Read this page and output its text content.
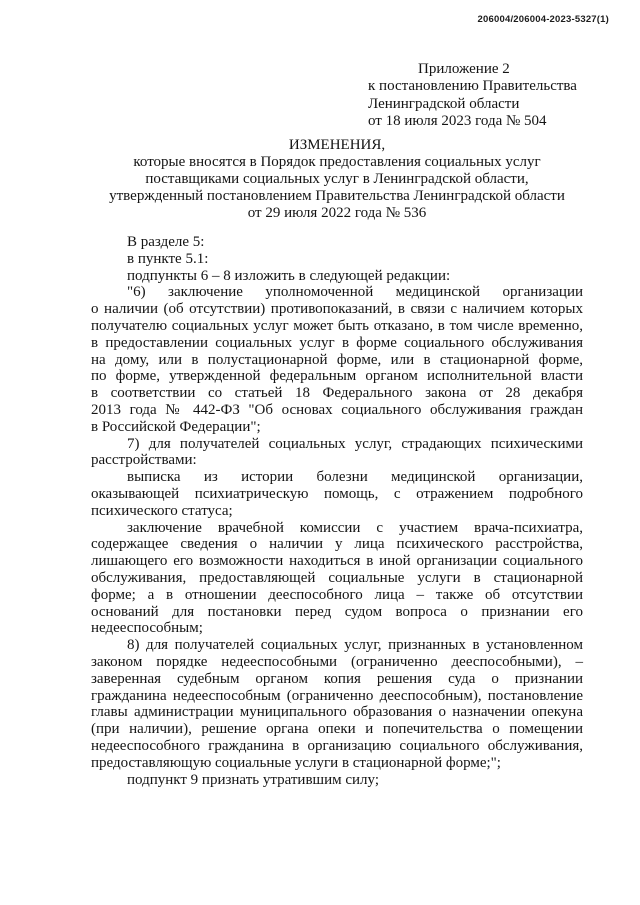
206004/206004-2023-5327(1)
Приложение 2
к постановлению Правительства
Ленинградской области
от 18 июля 2023 года № 504
ИЗМЕНЕНИЯ,
которые вносятся в Порядок предоставления социальных услуг
поставщиками социальных услуг в Ленинградской области,
утвержденный постановлением Правительства Ленинградской области
от 29 июля 2022 года № 536
В разделе 5:
в пункте 5.1:
подпункты 6 – 8 изложить в следующей редакции:
"6) заключение уполномоченной медицинской организации
о наличии (об отсутствии) противопоказаний, в связи с наличием которых
получателю социальных услуг может быть отказано, в том числе временно,
в предоставлении социальных услуг в форме социального обслуживания
на дому, или в полустационарной форме, или в стационарной форме,
по форме, утвержденной федеральным органом исполнительной власти
в соответствии со статьей 18 Федерального закона от 28 декабря
2013 года № 442-ФЗ "Об основах социального обслуживания граждан
в Российской Федерации";
7) для получателей социальных услуг, страдающих психическими
расстройствами:
выписка из истории болезни медицинской организации,
оказывающей психиатрическую помощь, с отражением подробного
психического статуса;
заключение врачебной комиссии с участием врача-психиатра,
содержащее сведения о наличии у лица психического расстройства,
лишающего его возможности находиться в иной организации социального
обслуживания, предоставляющей социальные услуги в стационарной
форме; а в отношении дееспособного лица – также об отсутствии
оснований для постановки перед судом вопроса о признании его
недееспособным;
8) для получателей социальных услуг, признанных в установленном
законом порядке недееспособными (ограниченно дееспособными), –
заверенная судебным органом копия решения суда о признании
гражданина недееспособным (ограниченно дееспособным), постановление
главы администрации муниципального образования о назначении опекуна
(при наличии), решение органа опеки и попечительства о помещении
недееспособного гражданина в организацию социального обслуживания,
предоставляющую социальные услуги в стационарной форме;";
подпункт 9 признать утратившим силу;
